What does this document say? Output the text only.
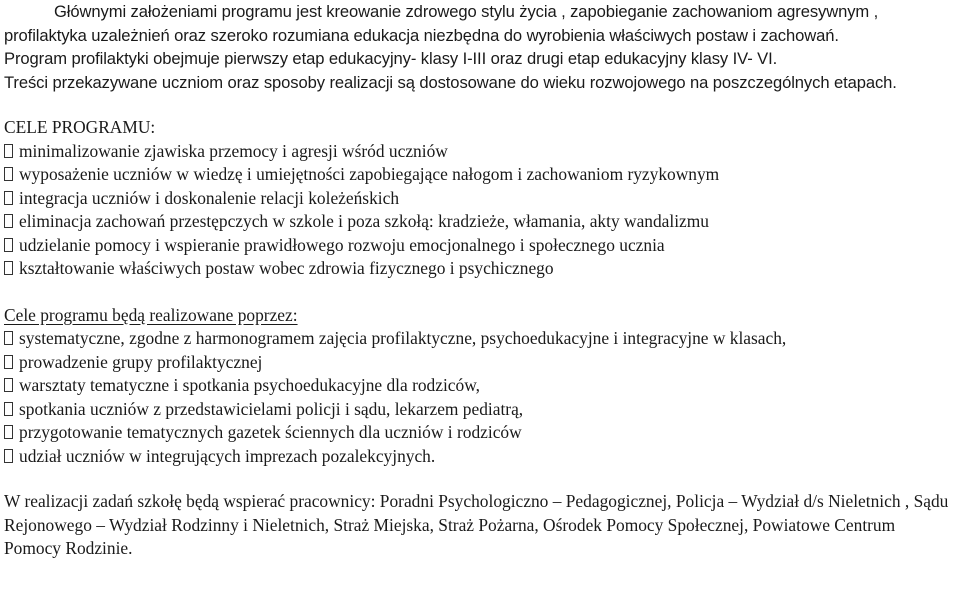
Głównymi założeniami programu jest kreowanie zdrowego stylu życia , zapobieganie zachowaniom agresywnym , profilaktyka uzależnień oraz szeroko rozumiana edukacja niezbędna do wyrobienia właściwych postaw i zachowań.

Program profilaktyki obejmuje pierwszy etap edukacyjny- klasy I-III oraz drugi etap edukacyjny klasy IV- VI.

Treści przekazywane uczniom oraz sposoby realizacji są dostosowane do wieku rozwojowego na poszczególnych etapach.

CELE PROGRAMU:

minimalizowanie zjawiska przemocy i agresji wśród uczniów
wyposażenie uczniów w wiedzę i umiejętności zapobiegające nałogom i zachowaniom ryzykownym
integracja uczniów i doskonalenie relacji koleżeńskich
eliminacja zachowań przestępczych w szkole i poza szkołą: kradzieże, włamania, akty wandalizmu
udzielanie pomocy i wspieranie prawidłowego rozwoju emocjonalnego i społecznego ucznia
kształtowanie właściwych postaw wobec zdrowia fizycznego i psychicznego

Cele programu będą realizowane poprzez:

systematyczne, zgodne z harmonogramem zajęcia profilaktyczne, psychoedukacyjne i integracyjne w klasach,
prowadzenie grupy profilaktycznej
warsztaty tematyczne i spotkania psychoedukacyjne dla rodziców,
spotkania uczniów z przedstawicielami policji i sądu, lekarzem pediatrą,
przygotowanie tematycznych gazetek ściennych dla uczniów i rodziców
udział uczniów w integrujących imprezach pozalekcyjnych.

W realizacji zadań szkołę będą wspierać pracownicy: Poradni Psychologiczno – Pedagogicznej, Policja – Wydział d/s Nieletnich , Sądu Rejonowego – Wydział Rodzinny i Nieletnich, Straż Miejska, Straż Pożarna, Ośrodek Pomocy Społecznej, Powiatowe Centrum Pomocy Rodzinie.
